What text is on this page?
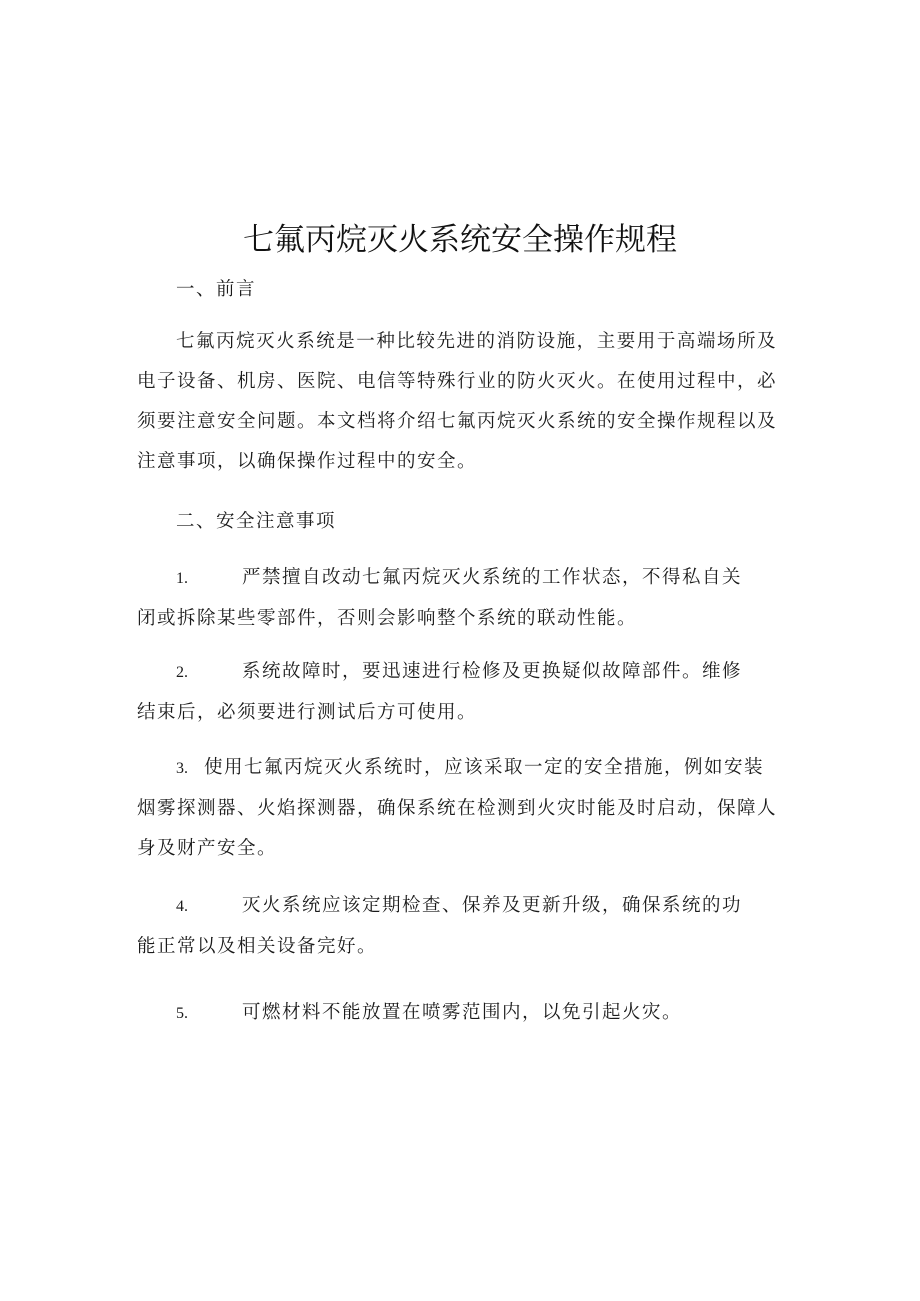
七氟丙烷灭火系统安全操作规程

一、前言

七氟丙烷灭火系统是一种比较先进的消防设施，主要用于高端场所及电子设备、机房、医院、电信等特殊行业的防火灭火。在使用过程中，必须要注意安全问题。本文档将介绍七氟丙烷灭火系统的安全操作规程以及注意事项，以确保操作过程中的安全。

二、安全注意事项

1.	严禁擅自改动七氟丙烷灭火系统的工作状态，不得私自关
闭或拆除某些零部件，否则会影响整个系统的联动性能。
2.	系统故障时，要迅速进行检修及更换疑似故障部件。维修
结束后，必须要进行测试后方可使用。
3. 使用七氟丙烷灭火系统时，应该采取一定的安全措施，例如安装
烟雾探测器、火焰探测器，确保系统在检测到火灾时能及时启动，保障人身及财产安全。
4.	灭火系统应该定期检查、保养及更新升级，确保系统的功
能正常以及相关设备完好。
5.	可燃材料不能放置在喷雾范围内，以免引起火灾。
